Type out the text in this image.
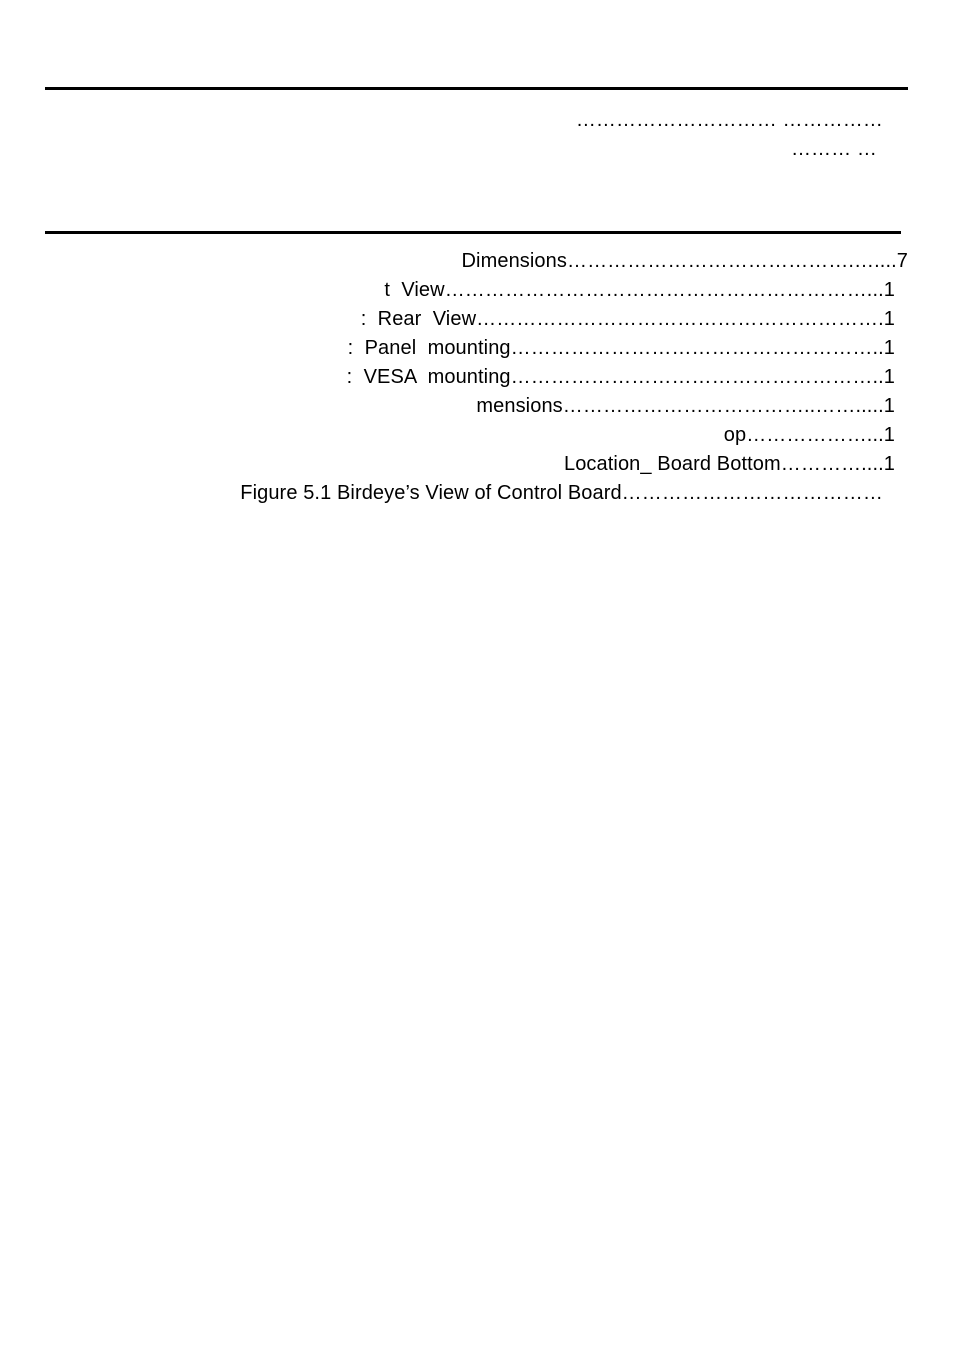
………………………… ……………
……… …
Dimensions…………………………………….…....7
t  View………………………………………………………...1
:  Rear  View…………………………………………………….1
:  Panel  mounting………………………………………………..1
:  VESA  mounting………………………………………………..1
mensions………………………………..…….....1
op………………...1
Location_ Board Bottom…………....1
Figure 5.1 Birdeye’s View of Control Board…………………………………
